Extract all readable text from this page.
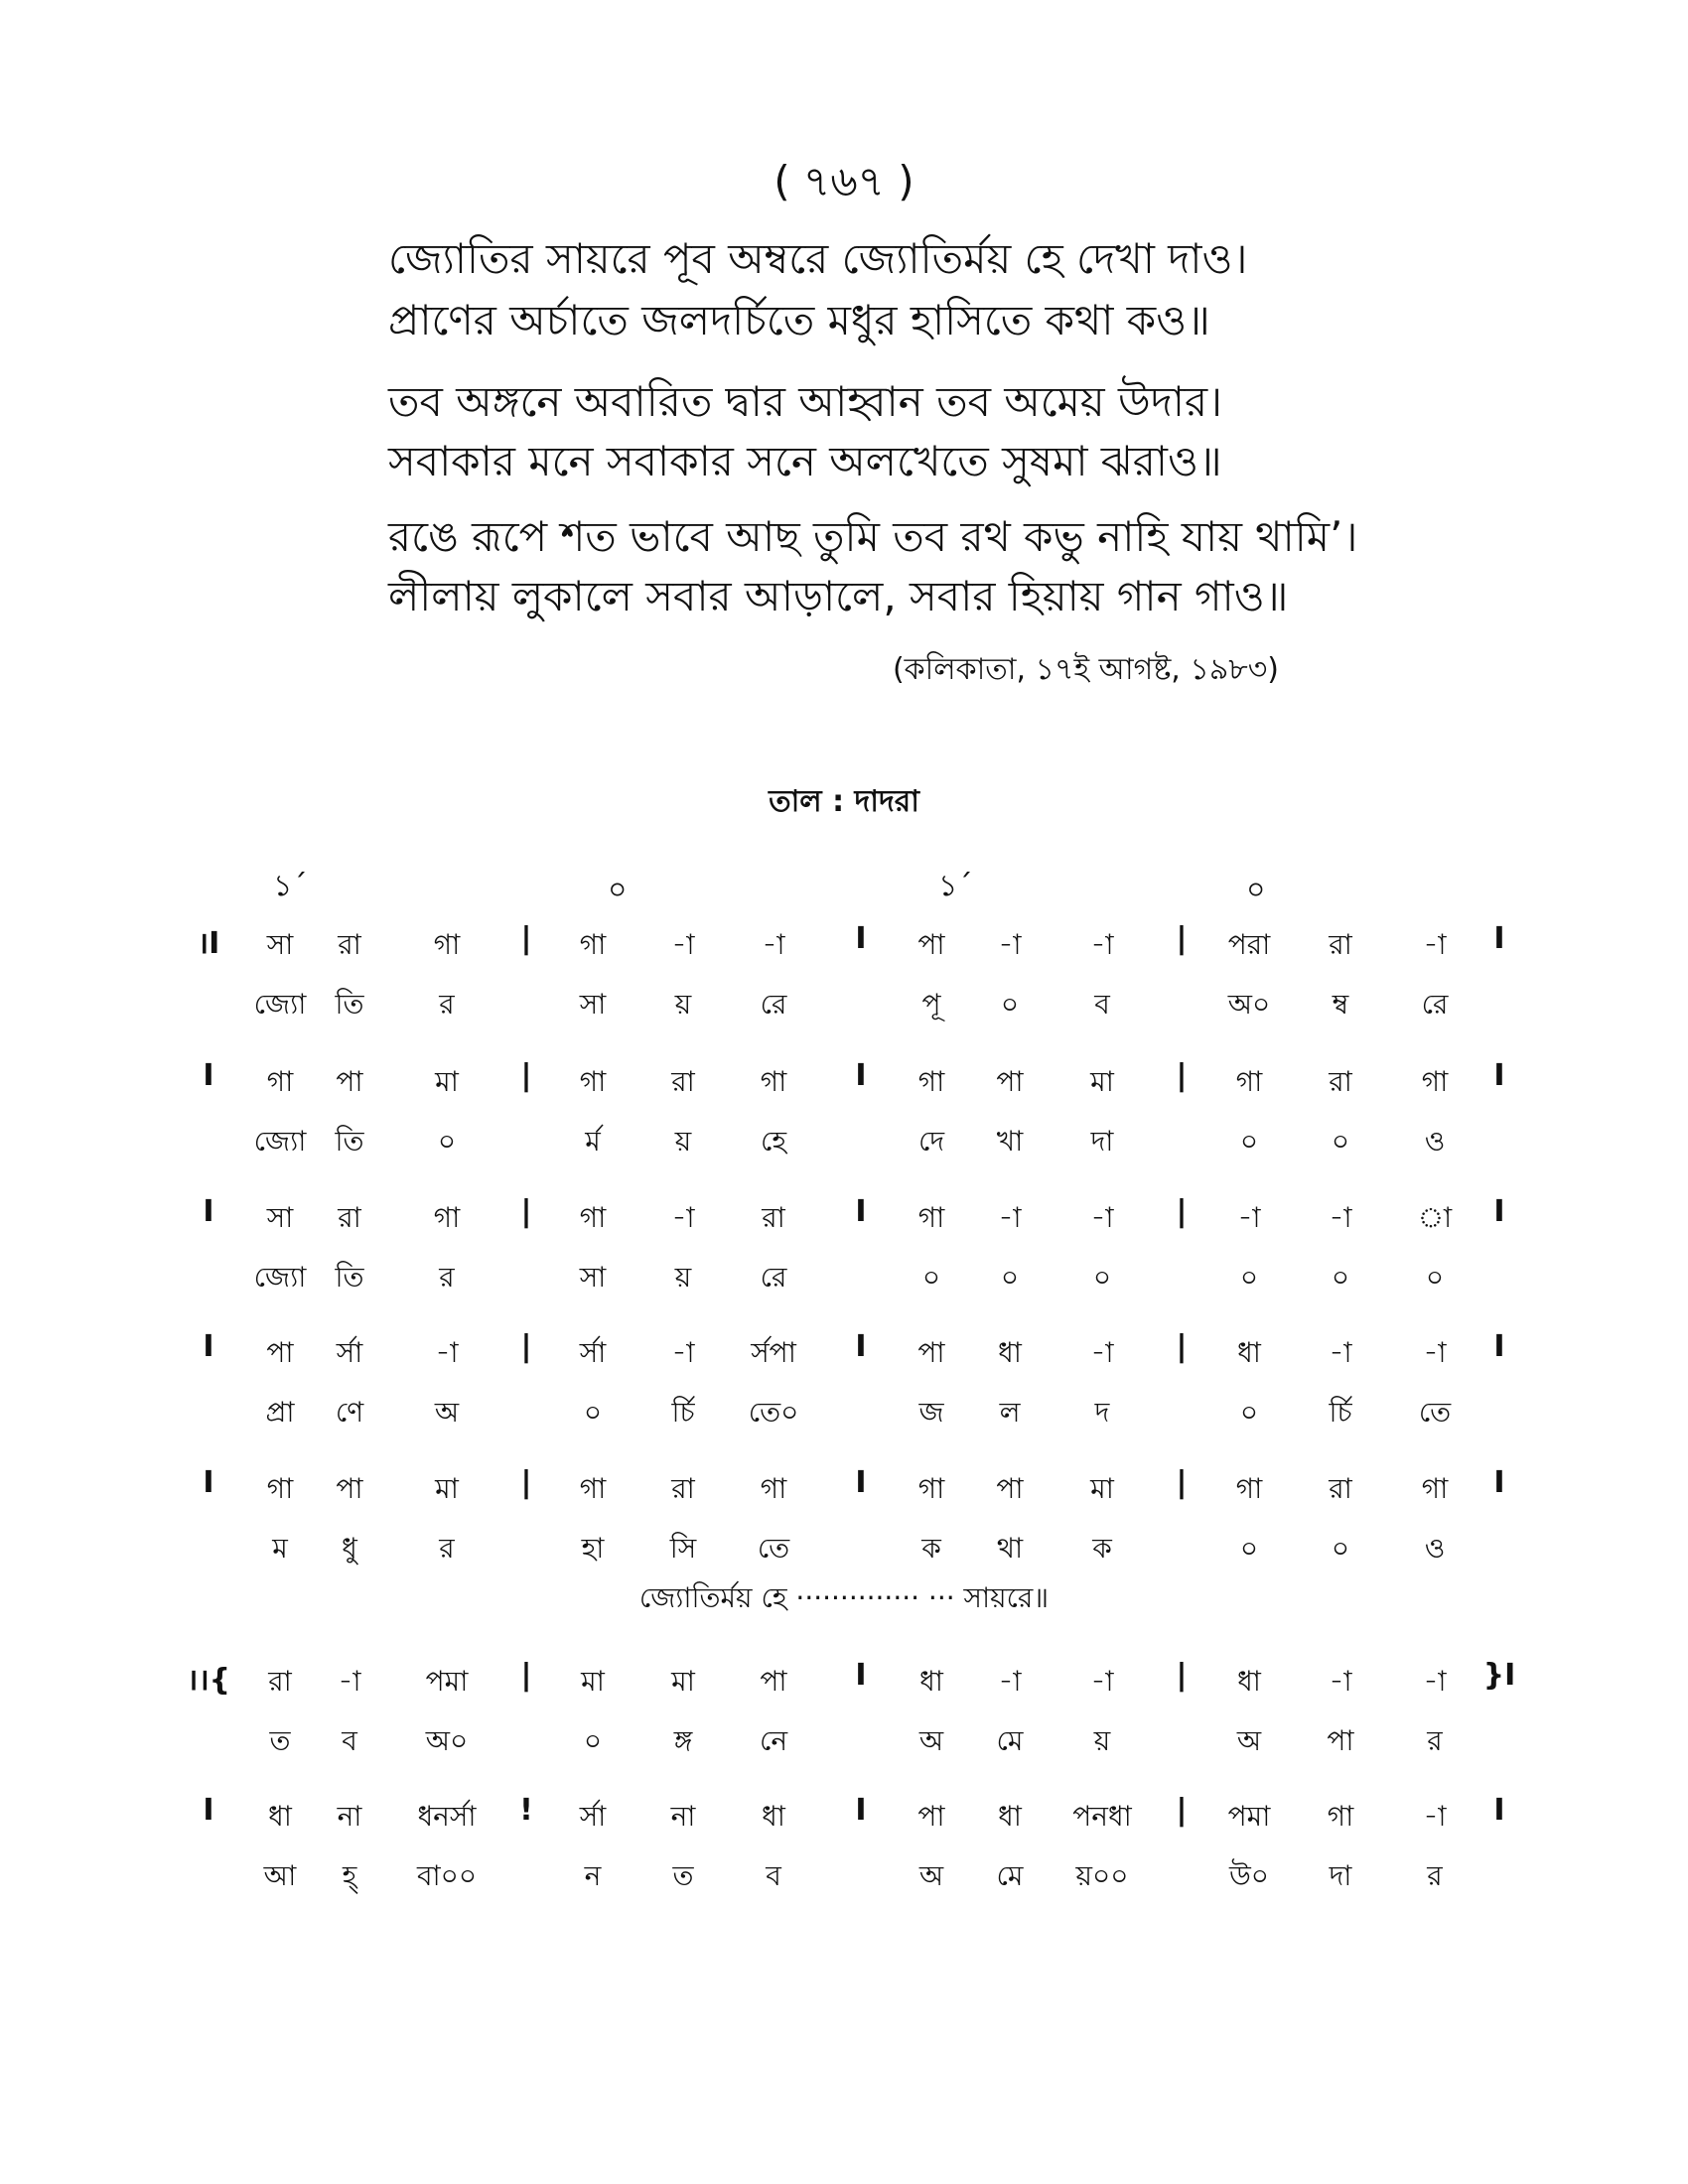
( ৭৬৭ )
জ্যোতির সায়রে পূব অম্বরে জ্যোতির্ময় হে দেখা দাও।
প্রাণের অর্চাতে জলদর্চিতে মধুর হাসিতে কথা কও॥
তব অঙ্গনে অবারিত দ্বার আহ্বান তব অমেয় উদার।
সবাকার মনে সবাকার সনে অলখেতে সুষমা ঝরাও॥
রঙে রূপে শত ভাবে আছ তুমি তব রথ কভু নাহি যায় থামি’।
লীলায় লুকালে সবার আড়ালে, সবার হিয়ায় গান গাও॥
(কলিকাতা, ১৭ই আগষ্ট, ১৯৮৩)
তাল : দাদরা
১´	০	১´	০
।I	|	I	|	I
সা রা	গা	গা -া -া	পা -া -া	পরা রা	-া
জ্যো তি	র	সা য় রে	পূ ০	ব	অ০ ম্ব	রে
I	|	I	|	I
গা পা	মা	গা রা গা	গা পা মা	গা রা গা
জ্যো তি	০	র্ম	য় হে	দে খা দা	০	০	ও
I	|	I	|	I
সা রা	গা	গা -া রা	গা -া -া	-া -া া
জ্যো তি	র	সা য় রে	০ ০	০	০	০	০
I	|	I	|	I
পা র্সা	-া	র্সা -া র্সপা	পা ধা -া	ধা -া	-া
প্রা ণে	অ	০	র্চি তে০	জ ল	দ	০	র্চি তে
I	|	I	|	I
গা পা	মা	গা রা গা	গা পা মা	গা রা গা
ম ধু	র	হা সি তে	ক থা	ক	০	০	ও
।।{	|	I	|	}I
রা -া পমা	মা মা পা	ধা -া -া	ধা -া	-া
ত ব অ০	০	ঙ্গ নে	অ মে	য়	অ পা	র
I	!	I	|	I
ধা না ধনর্সা	র্সা না ধা	পা ধা পনধা	পমা গা	-া
আ হ্ বা০০	ন	ত	ব	অ মে য়০০	উ০ দা	র
জ্যোতির্ময় হে ·············· ··· সায়রে॥
